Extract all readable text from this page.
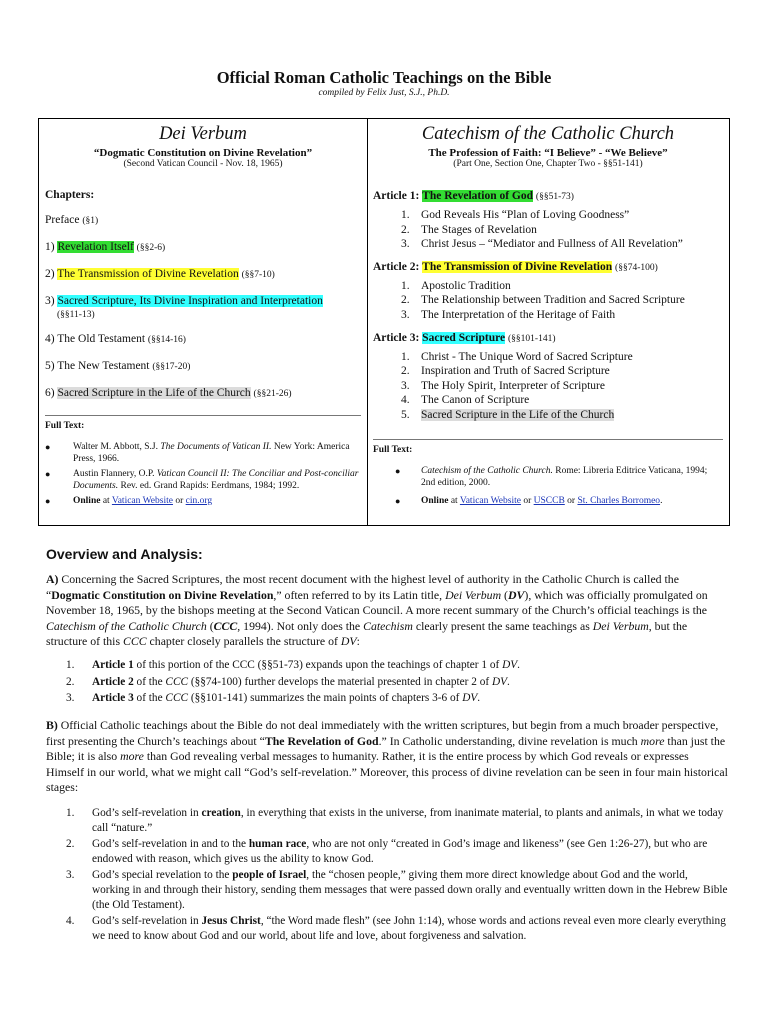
Official Roman Catholic Teachings on the Bible
compiled by Felix Just, S.J., Ph.D.
Dei Verbum
“Dogmatic Constitution on Divine Revelation”
(Second Vatican Council - Nov. 18, 1965)
Chapters:
Preface (§1)
1) Revelation Itself (§§2-6)
2) The Transmission of Divine Revelation (§§7-10)
3) Sacred Scripture, Its Divine Inspiration and Interpretation
(§§11-13)
4) The Old Testament (§§14-16)
5) The New Testament (§§17-20)
6) Sacred Scripture in the Life of the Church (§§21-26)
Full Text:
● Walter M. Abbott, S.J. The Documents of Vatican II. New York: America Press, 1966.
● Austin Flannery, O.P. Vatican Council II: The Conciliar and Post-conciliar Documents. Rev. ed. Grand Rapids: Eerdmans, 1984; 1992.
● Online at Vatican Website or cin.org
Catechism of the Catholic Church
The Profession of Faith: “I Believe” - “We Believe”
(Part One, Section One, Chapter Two - §§51-141)
Article 1: The Revelation of God (§§51-73)
1. God Reveals His “Plan of Loving Goodness”
2. The Stages of Revelation
3. Christ Jesus – “Mediator and Fullness of All Revelation”
Article 2: The Transmission of Divine Revelation (§§74-100)
1. Apostolic Tradition
2. The Relationship between Tradition and Sacred Scripture
3. The Interpretation of the Heritage of Faith
Article 3: Sacred Scripture (§§101-141)
1. Christ - The Unique Word of Sacred Scripture
2. Inspiration and Truth of Sacred Scripture
3. The Holy Spirit, Interpreter of Scripture
4. The Canon of Scripture
5. Sacred Scripture in the Life of the Church
Full Text:
●	Catechism of the Catholic Church. Rome: Libreria Editrice Vaticana, 1994; 2nd edition, 2000.
●	Online at Vatican Website or USCCB or St. Charles Borromeo.
Overview and Analysis:
A) Concerning the Sacred Scriptures, the most recent document with the highest level of authority in the Catholic Church is called the “Dogmatic Constitution on Divine Revelation,” often referred to by its Latin title, Dei Verbum (DV), which was officially promulgated on November 18, 1965, by the bishops meeting at the Second Vatican Council. A more recent summary of the Church’s official teachings is the Catechism of the Catholic Church (CCC, 1994). Not only does the Catechism clearly present the same teachings as Dei Verbum, but the structure of this CCC chapter closely parallels the structure of DV:
1. Article 1 of this portion of the CCC (§§51-73) expands upon the teachings of chapter 1 of DV.
2. Article 2 of the CCC (§§74-100) further develops the material presented in chapter 2 of DV.
3. Article 3 of the CCC (§§101-141) summarizes the main points of chapters 3-6 of DV.
B) Official Catholic teachings about the Bible do not deal immediately with the written scriptures, but begin from a much broader perspective, first presenting the Church’s teachings about “The Revelation of God.” In Catholic understanding, divine revelation is much more than just the Bible; it is also more than God revealing verbal messages to humanity. Rather, it is the entire process by which God reveals or expresses Himself in our world, what we might call “God’s self-revelation.” Moreover, this process of divine revelation can be seen in four main historical stages:
1. God’s self-revelation in creation, in everything that exists in the universe, from inanimate material, to plants and animals, in what we today call “nature.”
2. God’s self-revelation in and to the human race, who are not only “created in God’s image and likeness” (see Gen 1:26-27), but who are endowed with reason, which gives us the ability to know God.
3. God’s special revelation to the people of Israel, the “chosen people,” giving them more direct knowledge about God and the world, working in and through their history, sending them messages that were passed down orally and eventually written down in the Hebrew Bible (the Old Testament).
4. God’s self-revelation in Jesus Christ, “the Word made flesh” (see John 1:14), whose words and actions reveal even more clearly everything we need to know about God and our world, about life and love, about forgiveness and salvation.
